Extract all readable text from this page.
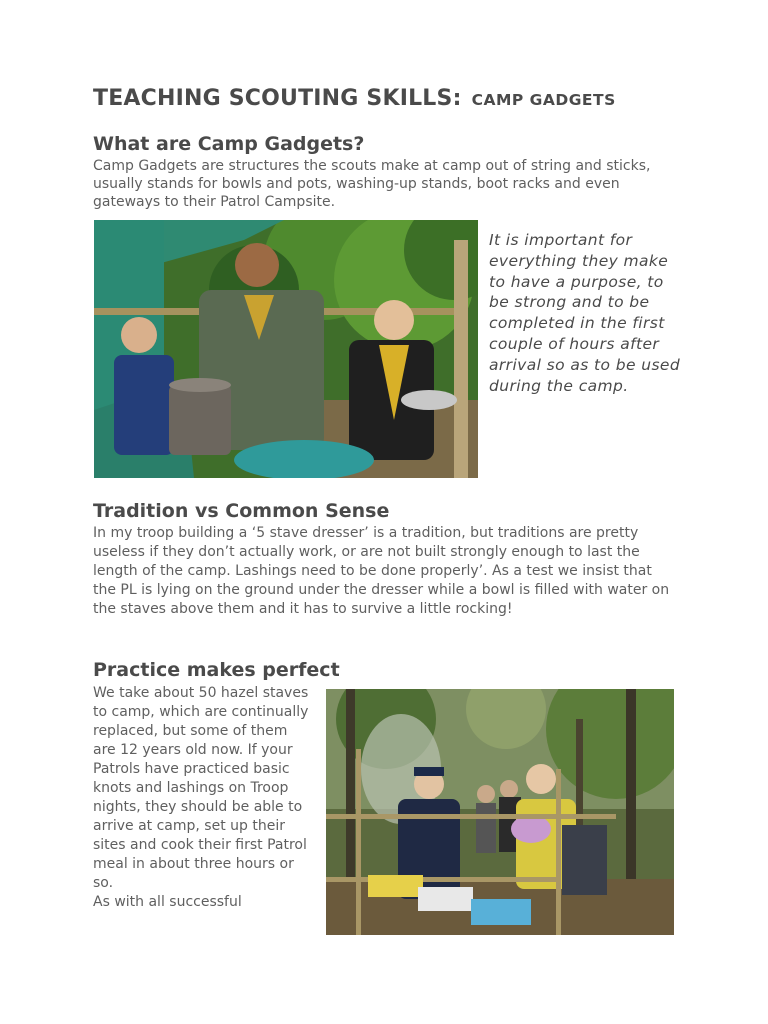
TEACHING SCOUTING SKILLS: CAMP GADGETS
What are Camp Gadgets?

Camp Gadgets are structures the scouts make at camp out of string and sticks, usually stands for bowls and pots, washing-up stands, boot racks and even gateways to their Patrol Campsite.

It is important for everything they make to have a purpose, to be strong and to be completed in the first couple of hours after arrival so as to be used during the camp.

Tradition vs Common Sense

In my troop building a ‘5 stave dresser’ is a tradition, but traditions are pretty useless if they don’t actually work, or are not built strongly enough to last the length of the camp. Lashings need to be done properly’. As a test we insist that the PL is lying on the ground under the dresser while a bowl is filled with water on the staves above them and it has to survive a little rocking!

Practice makes perfect

We take about 50 hazel staves to camp, which are continually replaced, but some of them are 12 years old now. If your Patrols have practiced basic knots and lashings on Troop nights, they should be able to arrive at camp, set up their sites and cook their first Patrol meal in about three hours or so.
As with all successful
